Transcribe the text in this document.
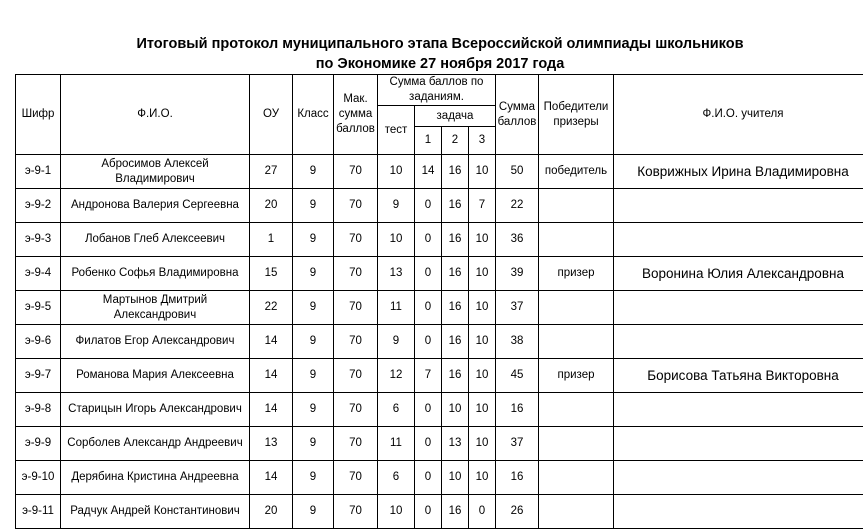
Итоговый протокол муниципального этапа Всероссийской олимпиады школьников
по Экономике 27 ноября 2017 года
Шифр	Ф.И.О.	ОУ	Класс	Мак. сумма баллов	Сумма баллов по заданиям.				Сумма баллов	Победители призеры	Ф.И.О. учителя
					тест	задача					
						1	2	3			
э-9-1	Абросимов Алексей Владимирович	27	9	70	10	14	16	10	50	победитель	Коврижных Ирина Владимировна
э-9-2	Андронова Валерия Сергеевна	20	9	70	9	0	16	7	22		
э-9-3	Лобанов Глеб Алексеевич	1	9	70	10	0	16	10	36		
э-9-4	Робенко Софья Владимировна	15	9	70	13	0	16	10	39	призер	Воронина Юлия Александровна
э-9-5	Мартынов Дмитрий Александрович	22	9	70	11	0	16	10	37		
э-9-6	Филатов Егор Александрович	14	9	70	9	0	16	10	38		
э-9-7	Романова Мария Алексеевна	14	9	70	12	7	16	10	45	призер	Борисова Татьяна Викторовна
э-9-8	Старицын Игорь Александрович	14	9	70	6	0	10	10	16		
э-9-9	Сорболев Александр Андреевич	13	9	70	11	0	13	10	37		
э-9-10	Дерябина Кристина Андреевна	14	9	70	6	0	10	10	16		
э-9-11	Радчук Андрей Константинович	20	9	70	10	0	16	0	26		
